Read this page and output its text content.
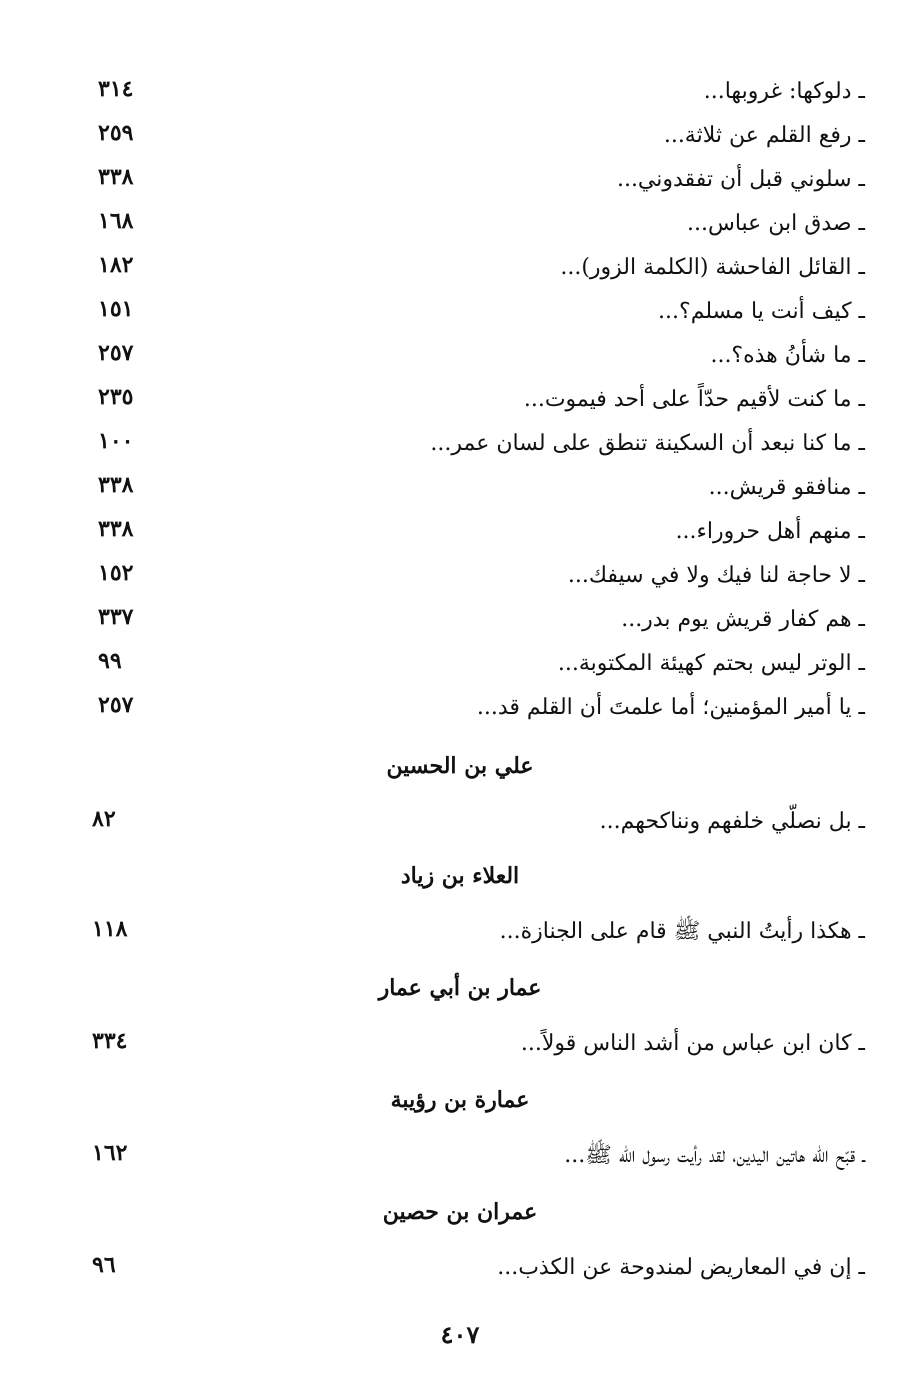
ـ دلوكها: غروبها...
٣١٤
ـ رفع القلم عن ثلاثة...
٢٥٩
ـ سلوني قبل أن تفقدوني...
٣٣٨
ـ صدق ابن عباس...
١٦٨
ـ القائل الفاحشة (الكلمة الزور)...
١٨٢
ـ كيف أنت يا مسلم؟...
١٥١
ـ ما شأنُ هذه؟...
٢٥٧
ـ ما كنت لأقيم حدّاً على أحد فيموت...
٢٣٥
ـ ما كنا نبعد أن السكينة تنطق على لسان عمر...
١٠٠
ـ منافقو قريش...
٣٣٨
ـ منهم أهل حروراء...
٣٣٨
ـ لا حاجة لنا فيك ولا في سيفك...
١٥٢
ـ هم كفار قريش يوم بدر...
٣٣٧
ـ الوتر ليس بحتم كهيئة المكتوبة...
٩٩
ـ يا أمير المؤمنين؛ أما علمتَ أن القلم قد...
٢٥٧
علي بن الحسين
ـ بل نصلّي خلفهم ونناكحهم...
٨٢
العلاء بن زياد
ـ هكذا رأيتُ النبي ﷺ قام على الجنازة...
١١٨
عمار بن أبي عمار
ـ كان ابن عباس من أشد الناس قولاً...
٣٣٤
عمارة بن رؤيبة
ـ قبّح الله هاتين اليدين، لقد رأيت رسول الله ﷺ...
١٦٢
عمران بن حصين
ـ إن في المعاريض لمندوحة عن الكذب...
٩٦
٤٠٧
